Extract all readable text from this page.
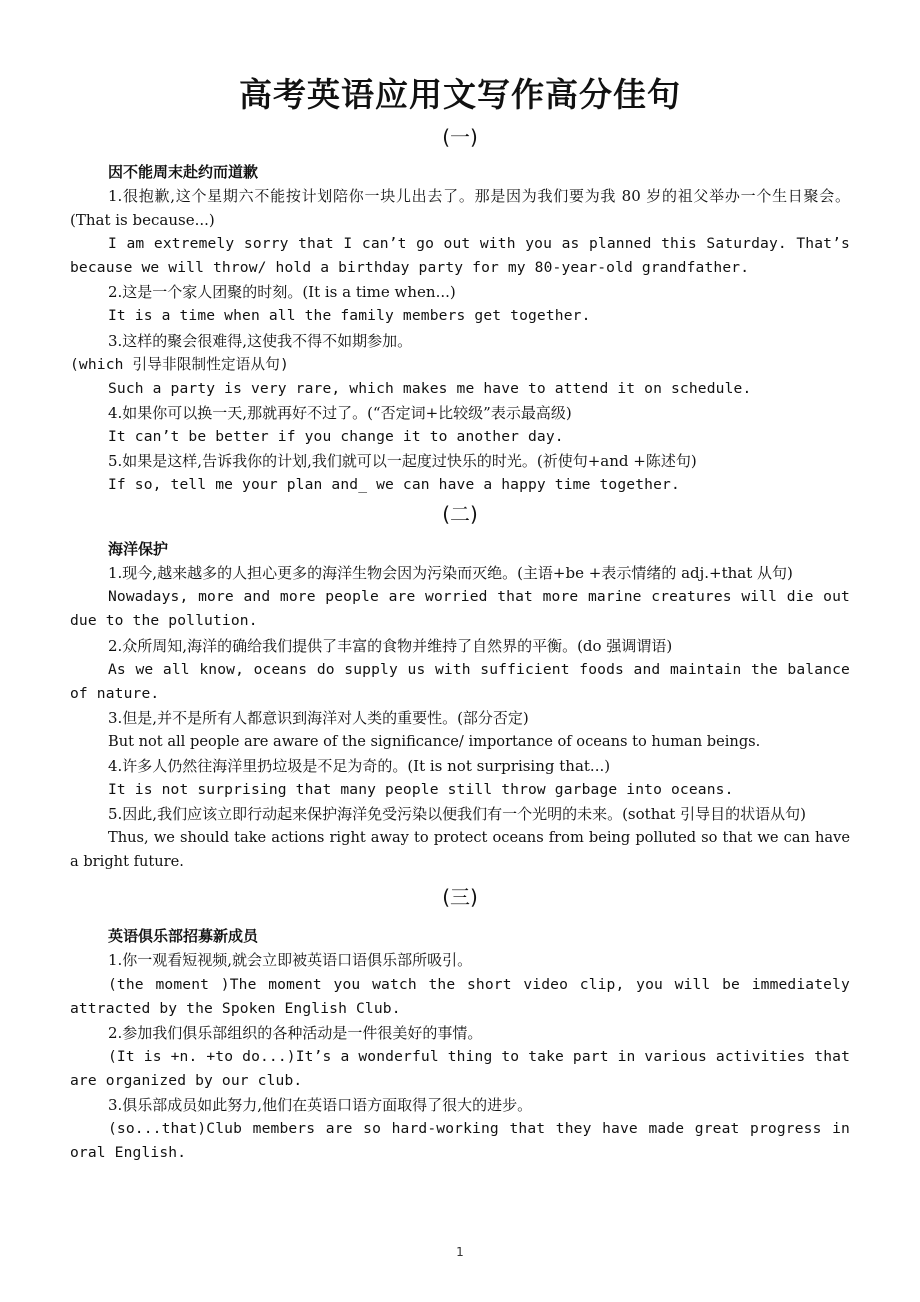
高考英语应用文写作高分佳句
(一)

因不能周末赴约而道歉

1.很抱歉,这个星期六不能按计划陪你一块儿出去了。那是因为我们要为我 80 岁的祖父举办一个生日聚会。(That is because...)

I am extremely sorry that I can’t go out with you as planned this Saturday. That’s because we will throw/ hold a birthday party for my 80-year-old grandfather.

2.这是一个家人团聚的时刻。(It is a time when...)

It is a time when all the family members get together.

3.这样的聚会很难得,这使我不得不如期参加。

(which 引导非限制性定语从句)

Such a party is very rare, which makes me have to attend it on schedule.

4.如果你可以换一天,那就再好不过了。(“否定词+比较级”表示最高级)

It can’t be better if you change it to another day.

5.如果是这样,告诉我你的计划,我们就可以一起度过快乐的时光。(祈使句+and +陈述句)

If so, tell me your plan and_ we can have a happy time together.

(二)

海洋保护

1.现今,越来越多的人担心更多的海洋生物会因为污染而灭绝。(主语+be +表示情绪的 adj.+that 从句)

Nowadays, more and more people are worried that more marine creatures will die out due to the pollution.

2.众所周知,海洋的确给我们提供了丰富的食物并维持了自然界的平衡。(do 强调谓语)

As we all know, oceans do supply us with sufficient foods and maintain the balance of nature.

3.但是,并不是所有人都意识到海洋对人类的重要性。(部分否定)

But not all people are aware of the significance/ importance of oceans to human beings.

4.许多人仍然往海洋里扔垃圾是不足为奇的。(It is not surprising that...)

It is not surprising that many people still throw garbage into oceans.

5.因此,我们应该立即行动起来保护海洋免受污染以便我们有一个光明的未来。(sothat 引导目的状语从句)

Thus, we should take actions right away to protect oceans from being polluted so that we can have a bright future.

(三)

英语俱乐部招募新成员

1.你一观看短视频,就会立即被英语口语俱乐部所吸引。

(the moment )The moment you watch the short video clip, you will be immediately attracted by the Spoken English Club.

2.参加我们俱乐部组织的各种活动是一件很美好的事情。

(It is +n. +to do...)It’s a wonderful thing to take part in various activities that are organized by our club.

3.俱乐部成员如此努力,他们在英语口语方面取得了很大的进步。

(so...that)Club members are so hard-working that they have made great progress in oral English.

1
